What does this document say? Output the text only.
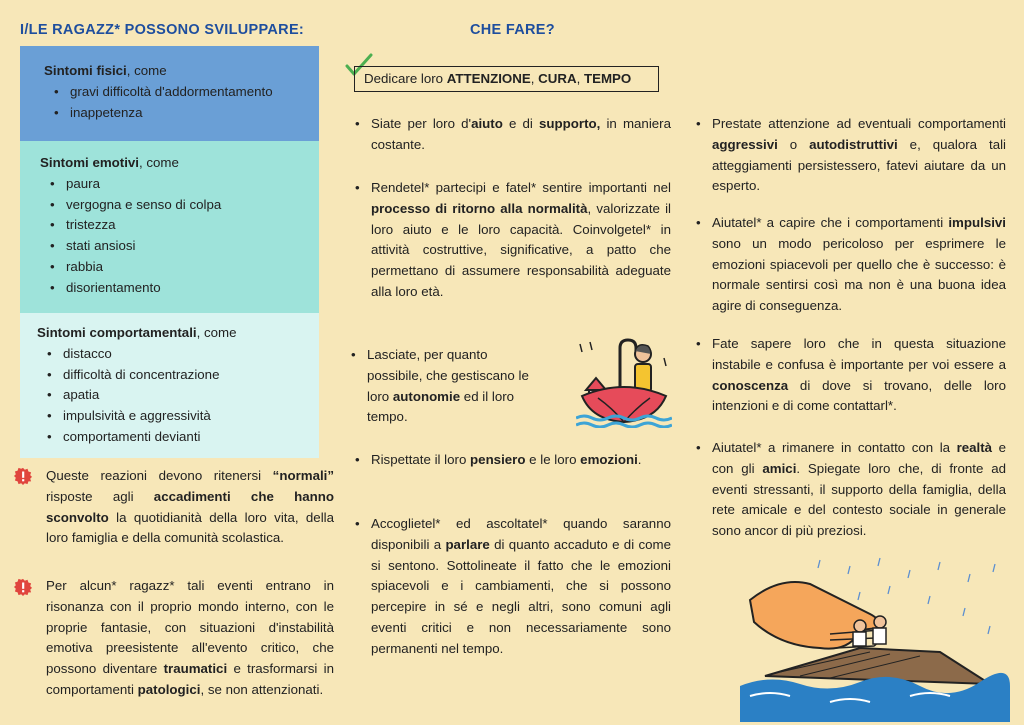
I/LE RAGAZZ* POSSONO SVILUPPARE:	CHE FARE?
Sintomi fisici, come
• gravi difficoltà d'addormentamento
• inappetenza
Sintomi emotivi, come
• paura
• vergogna e senso di colpa
• tristezza
• stati ansiosi
• rabbia
• disorientamento
Sintomi comportamentali, come
• distacco
• difficoltà di concentrazione
• apatia
• impulsività e aggressività
• comportamenti devianti
Queste reazioni devono ritenersi “normali” risposte agli accadimenti che hanno sconvolto la quotidianità della loro vita, della loro famiglia e della comunità scolastica.
Per alcun* ragazz* tali eventi entrano in risonanza con il proprio mondo interno, con le proprie fantasie, con situazioni d'instabilità emotiva preesistente all'evento critico, che possono diventare traumatici e trasformarsi in comportamenti patologici, se non attenzionati.
Dedicare loro ATTENZIONE, CURA, TEMPO
• Siate per loro d'aiuto e di supporto, in maniera costante.
• Rendetel* partecipi e fatel* sentire importanti nel processo di ritorno alla normalità, valorizzate il loro aiuto e le loro capacità. Coinvolgetel* in attività costruttive, significative, a patto che permettano di assumere responsabilità adeguate alla loro età.
• Lasciate, per quanto possibile, che gestiscano le loro autonomie ed il loro tempo.
• Rispettate il loro pensiero e le loro emozioni.
• Accoglietel* ed ascoltatel* quando saranno disponibili a parlare di quanto accaduto e di come si sentono. Sottolineate il fatto che le emozioni spiacevoli e i cambiamenti, che si possono percepire in sé e negli altri, sono comuni agli eventi critici e non necessariamente sono permanenti nel tempo.
• Prestate attenzione ad eventuali comportamenti aggressivi o autodistruttivi e, qualora tali atteggiamenti persistessero, fatevi aiutare da un esperto.
• Aiutatel* a capire che i comportamenti impulsivi sono un modo pericoloso per esprimere le emozioni spiacevoli per quello che è successo: è normale sentirsi così ma non è una buona idea agire di conseguenza.
• Fate sapere loro che in questa situazione instabile e confusa è importante per voi essere a conoscenza di dove si trovano, delle loro intenzioni e di come contattarl*.
• Aiutatel* a rimanere in contatto con la realtà e con gli amici. Spiegate loro che, di fronte ad eventi stressanti, il supporto della famiglia, della rete amicale e del contesto sociale in generale sono ancor di più preziosi.
